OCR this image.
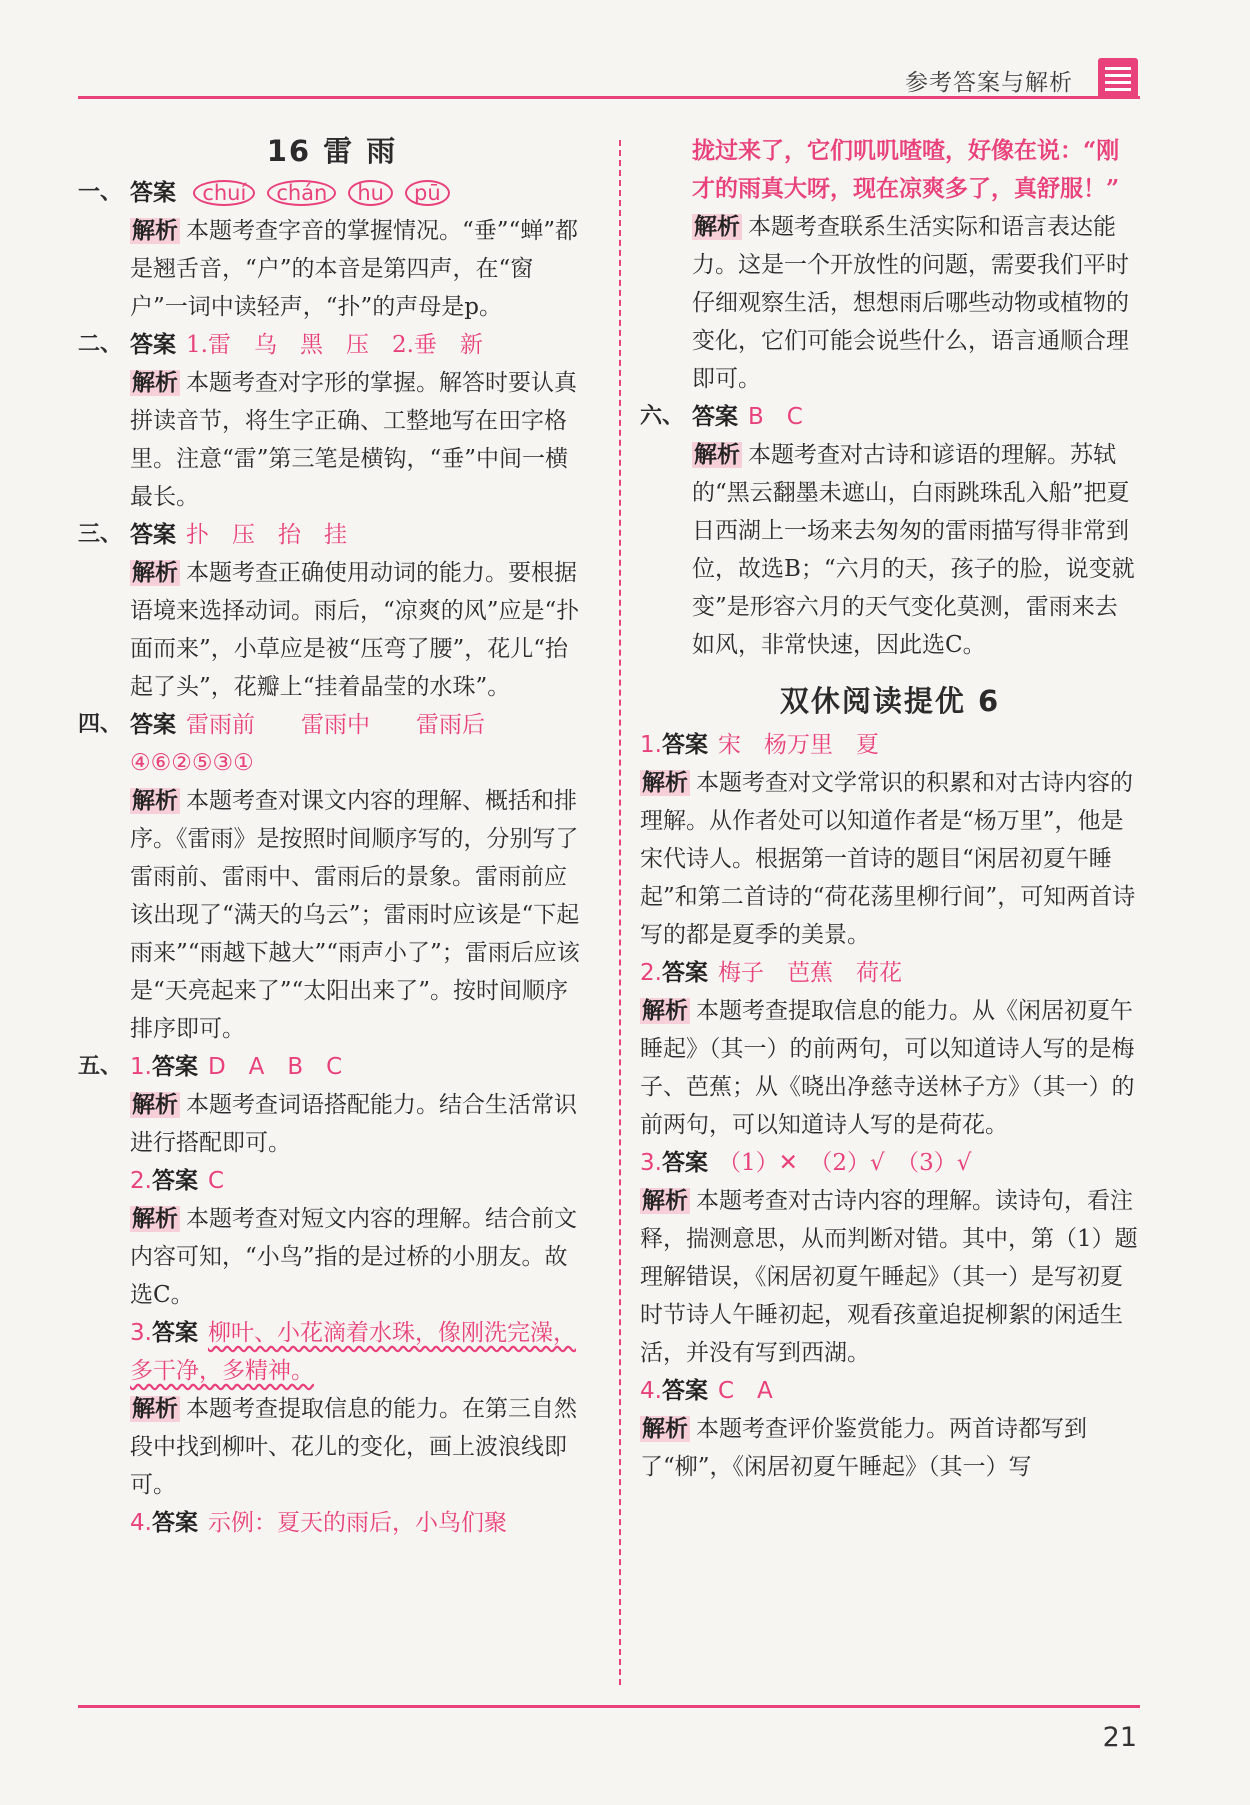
参考答案与解析
16 雷 雨
一、 答案 chuí chán hu pū

解析 本题考查字音的掌握情况。“垂”“蝉”都是翘舌音，“户”的本音是第四声，在“窗户”一词中读轻声，“扑”的声母是p。

二、 答案 1.雷　乌　黑　压　2.垂　新

解析 本题考查对字形的掌握。解答时要认真拼读音节，将生字正确、工整地写在田字格里。注意“雷”第三笔是横钩，“垂”中间一横最长。

三、 答案 扑　压　抬　挂

解析 本题考查正确使用动词的能力。要根据语境来选择动词。雨后，“凉爽的风”应是“扑面而来”，小草应是被“压弯了腰”，花儿“抬起了头”，花瓣上“挂着晶莹的水珠”。

四、 答案 雷雨前　　雷雨中　　雷雨后

④⑥②⑤③①

解析 本题考查对课文内容的理解、概括和排序。《雷雨》是按照时间顺序写的，分别写了雷雨前、雷雨中、雷雨后的景象。雷雨前应该出现了“满天的乌云”；雷雨时应该是“下起雨来”“雨越下越大”“雨声小了”；雷雨后应该是“天亮起来了”“太阳出来了”。按时间顺序排序即可。

五、 1.答案 D　A　B　C

解析 本题考查词语搭配能力。结合生活常识进行搭配即可。

2.答案 C

解析 本题考查对短文内容的理解。结合前文内容可知，“小鸟”指的是过桥的小朋友。故选C。

3.答案 柳叶、小花滴着水珠，像刚洗完澡，多干净，多精神。

解析 本题考查提取信息的能力。在第三自然段中找到柳叶、花儿的变化，画上波浪线即可。

4.答案 示例：夏天的雨后，小鸟们聚

拢过来了，它们叽叽喳喳，好像在说：“刚才的雨真大呀，现在凉爽多了，真舒服！”

解析 本题考查联系生活实际和语言表达能力。这是一个开放性的问题，需要我们平时仔细观察生活，想想雨后哪些动物或植物的变化，它们可能会说些什么，语言通顺合理即可。

六、 答案 B　C

解析 本题考查对古诗和谚语的理解。苏轼的“黑云翻墨未遮山，白雨跳珠乱入船”把夏日西湖上一场来去匆匆的雷雨描写得非常到位，故选B；“六月的天，孩子的脸，说变就变”是形容六月的天气变化莫测，雷雨来去如风，非常快速，因此选C。

双休阅读提优 6

1.答案 宋　杨万里　夏

解析 本题考查对文学常识的积累和对古诗内容的理解。从作者处可以知道作者是“杨万里”，他是宋代诗人。根据第一首诗的题目“闲居初夏午睡起”和第二首诗的“荷花荡里柳行间”，可知两首诗写的都是夏季的美景。

2.答案 梅子　芭蕉　荷花

解析 本题考查提取信息的能力。从《闲居初夏午睡起》（其一）的前两句，可以知道诗人写的是梅子、芭蕉；从《晓出净慈寺送林子方》（其一）的前两句，可以知道诗人写的是荷花。

3.答案 （1）✕　（2）√　（3）√

解析 本题考查对古诗内容的理解。读诗句，看注释，揣测意思，从而判断对错。其中，第（1）题理解错误，《闲居初夏午睡起》（其一）是写初夏时节诗人午睡初起，观看孩童追捉柳絮的闲适生活，并没有写到西湖。

4.答案 C　A

解析 本题考查评价鉴赏能力。两首诗都写到了“柳”，《闲居初夏午睡起》（其一）写

21
